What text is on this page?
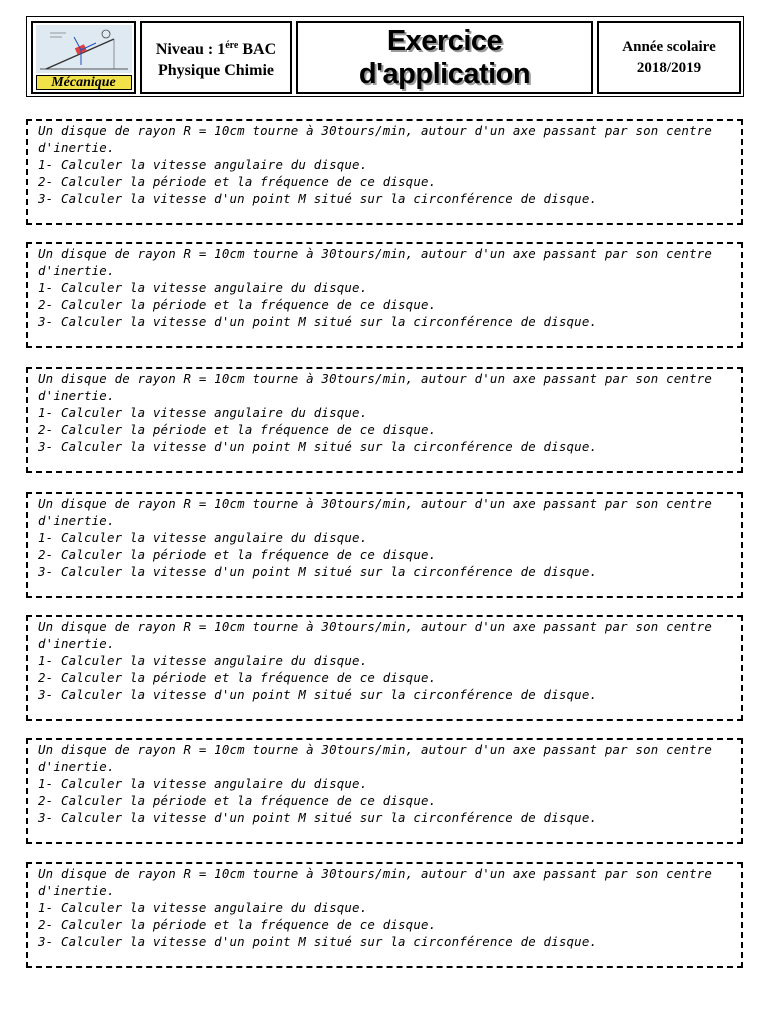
Mécanique
Niveau : $1^{ére}$ BAC
Physique Chimie
Exercice d'application
Année scolaire
2018/2019
Un disque de rayon R = 10cm tourne à 30tours/min, autour d'un axe passant par son centre
d'inertie.
1- Calculer la vitesse angulaire du disque.
2- Calculer la période et la fréquence de ce disque.
3- Calculer la vitesse d'un point M situé sur la circonférence de disque.
Un disque de rayon R = 10cm tourne à 30tours/min, autour d'un axe passant par son centre
d'inertie.
1- Calculer la vitesse angulaire du disque.
2- Calculer la période et la fréquence de ce disque.
3- Calculer la vitesse d'un point M situé sur la circonférence de disque.
Un disque de rayon R = 10cm tourne à 30tours/min, autour d'un axe passant par son centre
d'inertie.
1- Calculer la vitesse angulaire du disque.
2- Calculer la période et la fréquence de ce disque.
3- Calculer la vitesse d'un point M situé sur la circonférence de disque.
Un disque de rayon R = 10cm tourne à 30tours/min, autour d'un axe passant par son centre
d'inertie.
1- Calculer la vitesse angulaire du disque.
2- Calculer la période et la fréquence de ce disque.
3- Calculer la vitesse d'un point M situé sur la circonférence de disque.
Un disque de rayon R = 10cm tourne à 30tours/min, autour d'un axe passant par son centre
d'inertie.
1- Calculer la vitesse angulaire du disque.
2- Calculer la période et la fréquence de ce disque.
3- Calculer la vitesse d'un point M situé sur la circonférence de disque.
Un disque de rayon R = 10cm tourne à 30tours/min, autour d'un axe passant par son centre
d'inertie.
1- Calculer la vitesse angulaire du disque.
2- Calculer la période et la fréquence de ce disque.
3- Calculer la vitesse d'un point M situé sur la circonférence de disque.
Un disque de rayon R = 10cm tourne à 30tours/min, autour d'un axe passant par son centre
d'inertie.
1- Calculer la vitesse angulaire du disque.
2- Calculer la période et la fréquence de ce disque.
3- Calculer la vitesse d'un point M situé sur la circonférence de disque.
